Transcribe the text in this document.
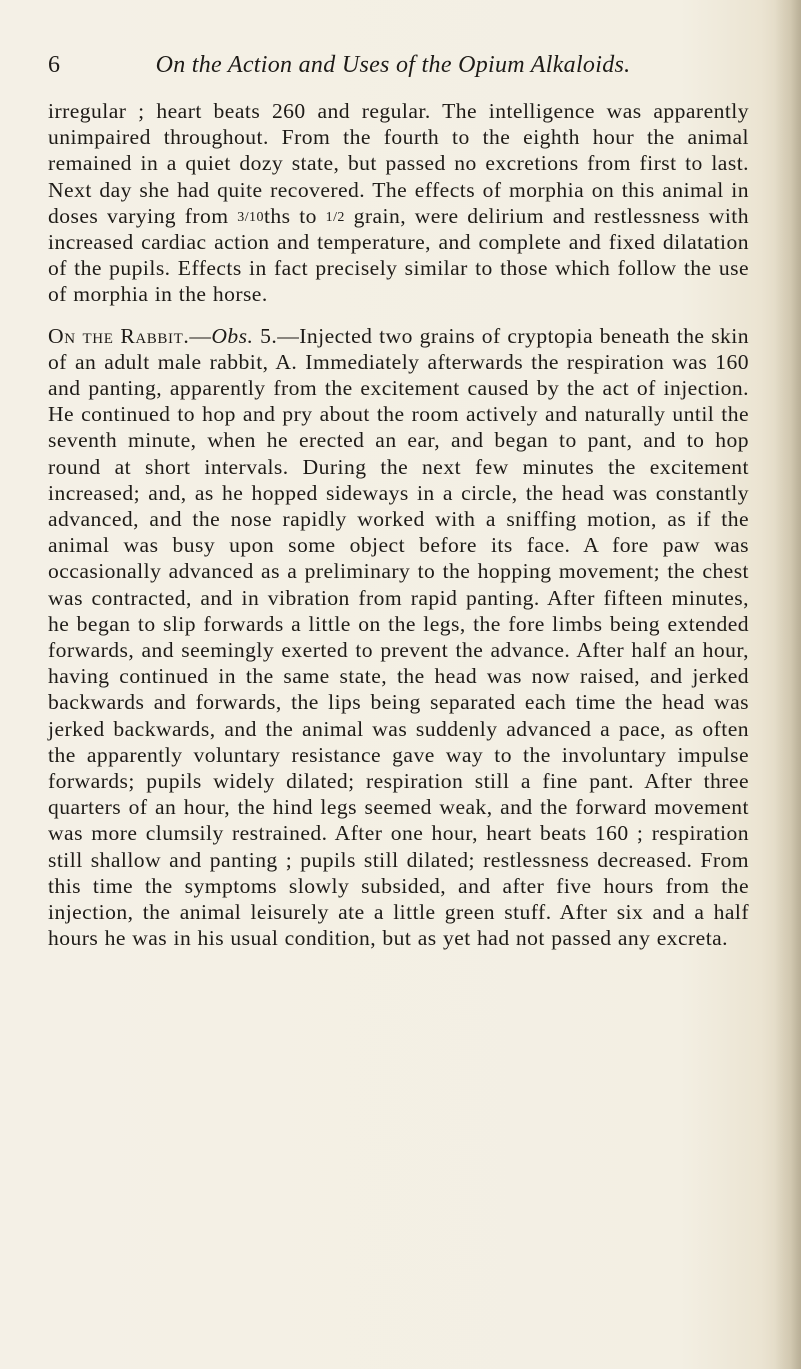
6	On the Action and Uses of the Opium Alkaloids.

irregular ; heart beats 260 and regular. The intelligence was apparently unimpaired throughout. From the fourth to the eighth hour the animal remained in a quiet dozy state, but passed no excretions from first to last. Next day she had quite recovered. The effects of morphia on this animal in doses varying from 3/10ths to 1/2 grain, were delirium and restlessness with increased cardiac action and temperature, and complete and fixed dilatation of the pupils. Effects in fact precisely similar to those which follow the use of morphia in the horse.

On the Rabbit.—Obs. 5.—Injected two grains of cryptopia beneath the skin of an adult male rabbit, A. Immediately afterwards the respiration was 160 and panting, apparently from the excitement caused by the act of injection. He continued to hop and pry about the room actively and naturally until the seventh minute, when he erected an ear, and began to pant, and to hop round at short intervals. During the next few minutes the excitement increased; and, as he hopped sideways in a circle, the head was constantly advanced, and the nose rapidly worked with a sniffing motion, as if the animal was busy upon some object before its face. A fore paw was occasionally advanced as a preliminary to the hopping movement; the chest was contracted, and in vibration from rapid panting. After fifteen minutes, he began to slip forwards a little on the legs, the fore limbs being extended forwards, and seemingly exerted to prevent the advance. After half an hour, having continued in the same state, the head was now raised, and jerked backwards and forwards, the lips being separated each time the head was jerked backwards, and the animal was suddenly advanced a pace, as often the apparently voluntary resistance gave way to the involuntary impulse forwards; pupils widely dilated; respiration still a fine pant. After three quarters of an hour, the hind legs seemed weak, and the forward movement was more clumsily restrained. After one hour, heart beats 160 ; respiration still shallow and panting ; pupils still dilated; restlessness decreased. From this time the symptoms slowly subsided, and after five hours from the injection, the animal leisurely ate a little green stuff. After six and a half hours he was in his usual condition, but as yet had not passed any excreta.
